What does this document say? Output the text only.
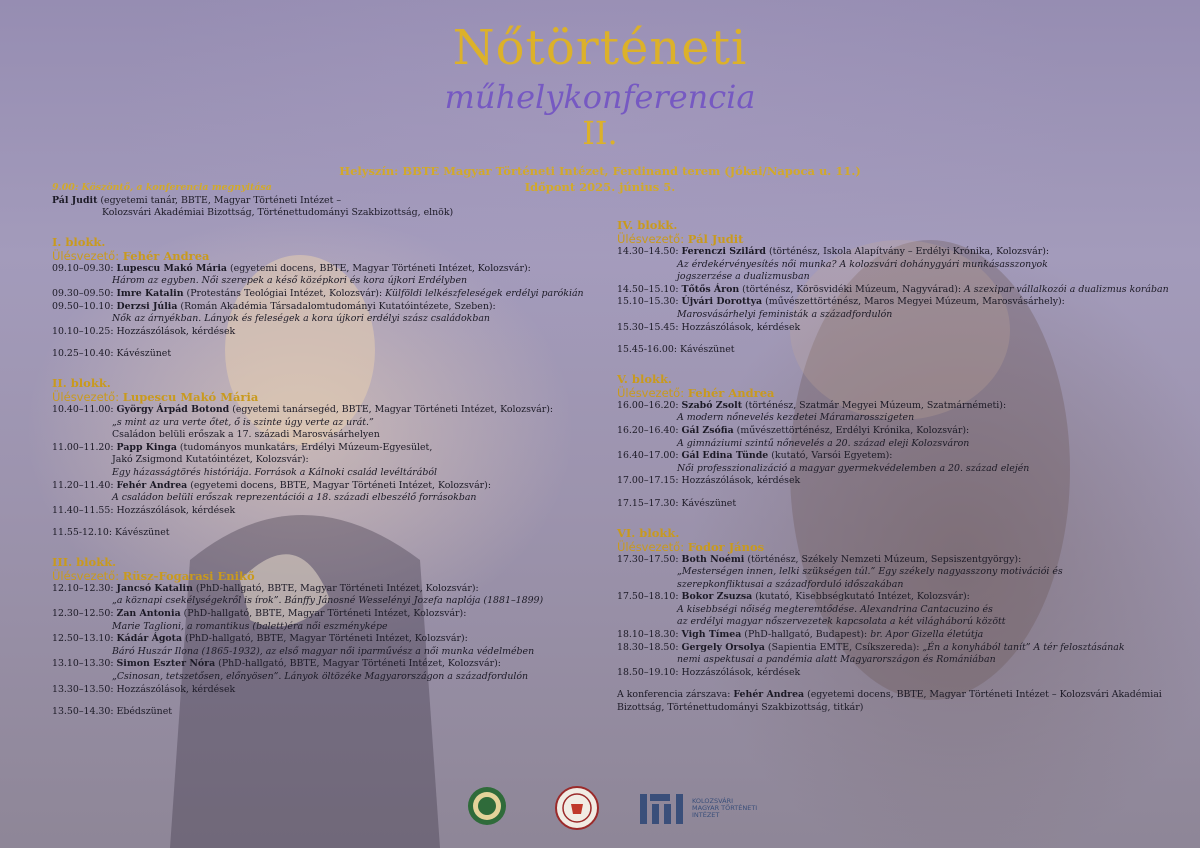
Nőtörténeti
műhelykonferencia
II.
Helyszín: BBTE Magyar Történeti Intézet, Ferdinand terem (Jókai/Napoca u. 11.)
Időpont 2025. június 5.
9.00: Köszöntő, a konferencia megnyitása
Pál Judit (egyetemi tanár, BBTE, Magyar Történeti Intézet –
Kolozsvári Akadémiai Bizottság, Történettudományi Szakbizottság, elnök)
I. blokk.
Ülésvezető: Fehér Andrea
09.10–09.30: Lupescu Makó Mária (egyetemi docens, BBTE, Magyar Történeti Intézet, Kolozsvár):
Három az egyben. Női szerepek a késő középkori és kora újkori Erdélyben
09.30–09.50: Imre Katalin (Protestáns Teológiai Intézet, Kolozsvár): Külföldi lelkészfeleségek erdélyi parókián
09.50–10.10: Derzsi Júlia (Román Akadémia Társadalomtudományi Kutatóintézete, Szeben):
Nők az árnyékban. Lányok és feleségek a kora újkori erdélyi szász családokban
10.10–10.25: Hozzászólások, kérdések
10.25–10.40: Kávészünet
II. blokk.
Ülésvezető: Lupescu Makó Mária
10.40–11.00: György Árpád Botond (egyetemi tanársegéd, BBTE, Magyar Történeti Intézet, Kolozsvár):
„s mint az ura verte őtet, ő is szinte úgy verte az urát.”
Családon belüli erőszak a 17. századi Marosvásárhelyen
11.00–11.20: Papp Kinga (tudományos munkatárs, Erdélyi Múzeum-Egyesület,
Jakó Zsigmond Kutatóintézet, Kolozsvár):
Egy házasságtörés históriája. Források a Kálnoki család levéltárából
11.20–11.40: Fehér Andrea (egyetemi docens, BBTE, Magyar Történeti Intézet, Kolozsvár):
A családon belüli erőszak reprezentációi a 18. századi elbeszélő forrásokban
11.40–11.55: Hozzászólások, kérdések
11.55-12.10: Kávészünet
III. blokk.
Ülésvezető: Rüsz-Fogarasi Enikő
12.10–12.30: Jancsó Katalin (PhD-hallgató, BBTE, Magyar Történeti Intézet, Kolozsvár):
„a köznapi csekélységekről is írok”. Bánffy Jánosné Wesselényi Jozefa naplója (1881–1899)
12.30–12.50: Zan Antonia (PhD-hallgató, BBTE, Magyar Történeti Intézet, Kolozsvár):
Marie Taglioni, a romantikus (balett)éra női eszményképe
12.50–13.10: Kádár Ágota (PhD-hallgató, BBTE, Magyar Történeti Intézet, Kolozsvár):
Báró Huszár Ilona (1865-1932), az első magyar női iparművész a női munka védelmében
13.10–13.30: Simon Eszter Nóra (PhD-hallgató, BBTE, Magyar Történeti Intézet, Kolozsvár):
„Csinosan, tetszetősen, előnyösen”. Lányok öltözéke Magyarországon a századfordulón
13.30–13.50: Hozzászólások, kérdések
13.50–14.30: Ebédszünet
IV. blokk.
Ülésvezető: Pál Judit
14.30–14.50: Ferenczi Szilárd (történész, Iskola Alapítvány – Erdélyi Krónika, Kolozsvár):
Az érdekérvényesítés női munka? A kolozsvári dohánygyári munkásasszonyok
jogszerzése a dualizmusban
14.50–15.10: Tőtős Áron (történész, Körösvidéki Múzeum, Nagyvárad): A szexipar vállalkozói a dualizmus korában
15.10–15.30: Újvári Dorottya (művészettörténész, Maros Megyei Múzeum, Marosvásárhely):
Marosvásárhelyi feministák a századfordulón
15.30–15.45: Hozzászólások, kérdések
15.45-16.00: Kávészünet
V. blokk.
Ülésvezető: Fehér Andrea
16.00–16.20: Szabó Zsolt (történész, Szatmár Megyei Múzeum, Szatmárnémeti):
A modern nőnevelés kezdetei Máramarosszigeten
16.20–16.40: Gál Zsófia (művészettörténész, Erdélyi Krónika, Kolozsvár):
A gimnáziumi szintű nőnevelés a 20. század eleji Kolozsváron
16.40–17.00: Gál Edina Tünde (kutató, Varsói Egyetem):
Női professzionalizáció a magyar gyermekvédelemben a 20. század elején
17.00–17.15: Hozzászólások, kérdések
17.15–17.30: Kávészünet
VI. blokk.
Ülésvezető: Fodor János
17.30–17.50: Both Noémi (történész, Székely Nemzeti Múzeum, Sepsiszentgyörgy):
„Mesterségen innen, lelki szükségen túl.” Egy székely nagyasszony motivációi és
szerepkonfliktusai a századforduló időszakában
17.50–18.10: Bokor Zsuzsa (kutató, Kisebbségkutató Intézet, Kolozsvár):
A kisebbségi nőiség megteremtődése. Alexandrina Cantacuzino és
az erdélyi magyar nőszervezetek kapcsolata a két világháború között
18.10–18.30: Vigh Tímea (PhD-hallgató, Budapest): br. Apor Gizella életútja
18.30–18.50: Gergely Orsolya (Sapientia EMTE, Csíkszereda): „Én a konyhából tanít” A tér felosztásának
nemi aspektusai a pandémia alatt Magyarországon és Romániában
18.50–19.10: Hozzászólások, kérdések
A konferencia zárszava: Fehér Andrea (egyetemi docens, BBTE, Magyar Történeti Intézet – Kolozsvári Akadémiai
Bizottság, Történettudományi Szakbizottság, titkár)
KOLOZSVÁRI MAGYAR TÖRTÉNETI INTÉZET
